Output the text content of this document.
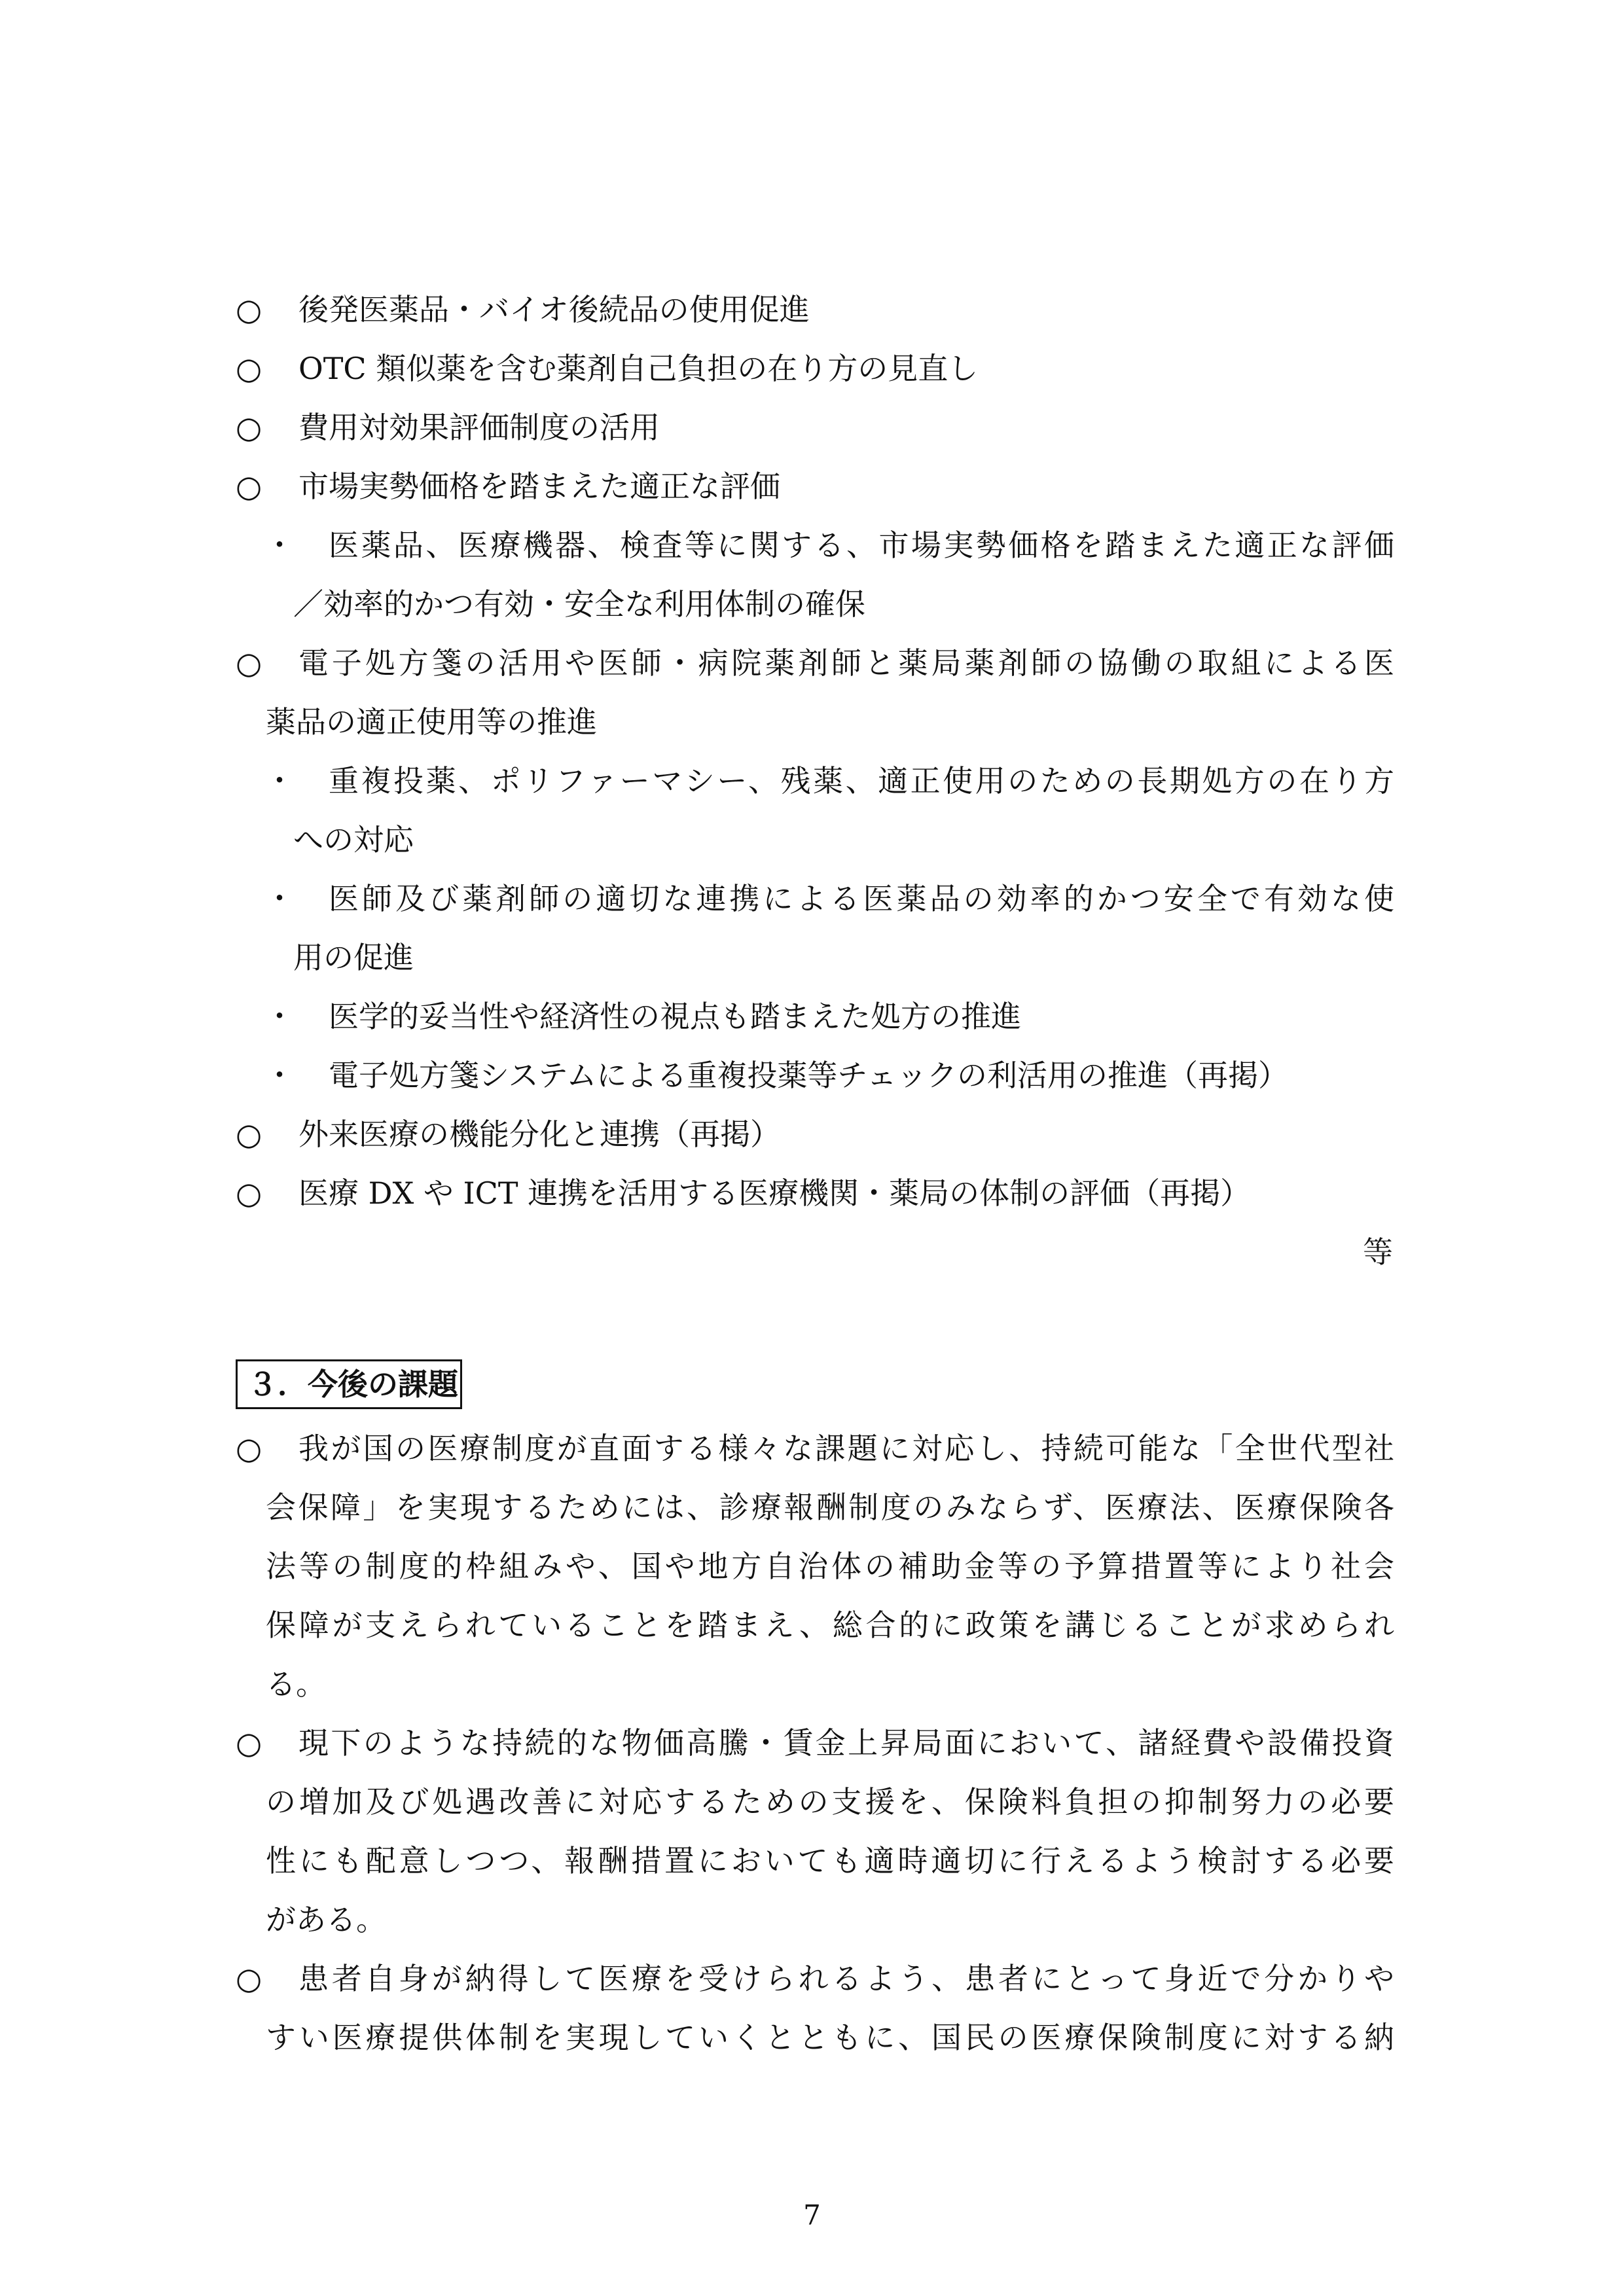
○ 後発医薬品・バイオ後続品の使用促進
○ OTC 類似薬を含む薬剤自己負担の在り方の見直し
○ 費用対効果評価制度の活用
○ 市場実勢価格を踏まえた適正な評価
・ 医薬品、医療機器、検査等に関する、市場実勢価格を踏まえた適正な評価
／効率的かつ有効・安全な利用体制の確保
○ 電子処方箋の活用や医師・病院薬剤師と薬局薬剤師の協働の取組による医
薬品の適正使用等の推進
・ 重複投薬、ポリファーマシー、残薬、適正使用のための長期処方の在り方
への対応
・ 医師及び薬剤師の適切な連携による医薬品の効率的かつ安全で有効な使
用の促進
・ 医学的妥当性や経済性の視点も踏まえた処方の推進
・ 電子処方箋システムによる重複投薬等チェックの利活用の推進（再掲）
○ 外来医療の機能分化と連携（再掲）
○ 医療 DX や ICT 連携を活用する医療機関・薬局の体制の評価（再掲）
等
３．今後の課題
○ 我が国の医療制度が直面する様々な課題に対応し、持続可能な「全世代型社
会保障」を実現するためには、診療報酬制度のみならず、医療法、医療保険各
法等の制度的枠組みや、国や地方自治体の補助金等の予算措置等により社会
保障が支えられていることを踏まえ、総合的に政策を講じることが求められ
る。
○ 現下のような持続的な物価高騰・賃金上昇局面において、諸経費や設備投資
の増加及び処遇改善に対応するための支援を、保険料負担の抑制努力の必要
性にも配意しつつ、報酬措置においても適時適切に行えるよう検討する必要
がある。
○ 患者自身が納得して医療を受けられるよう、患者にとって身近で分かりや
すい医療提供体制を実現していくとともに、国民の医療保険制度に対する納
7
